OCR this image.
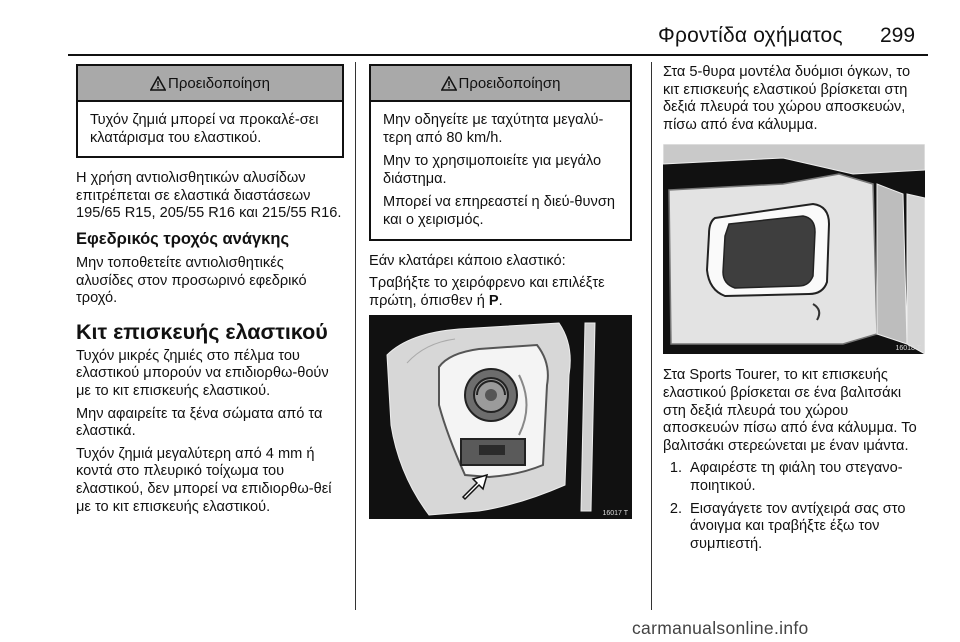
Φροντίδα οχήματος 299
Προειδοποίηση

Τυχόν ζημιά μπορεί να προκαλέ-σει κλατάρισμα του ελαστικού.

Η χρήση αντιολισθητικών αλυσίδων επιτρέπεται σε ελαστικά διαστάσεων 195/65 R15, 205/55 R16 και 215/55 R16.

Εφεδρικός τροχός ανάγκης

Μην τοποθετείτε αντιολισθητικές αλυσίδες στον προσωρινό εφεδρικό τροχό.

Κιτ επισκευής ελαστικού

Τυχόν μικρές ζημιές στο πέλμα του ελαστικού μπορούν να επιδιορθω-θούν με το κιτ επισκευής ελαστικού.

Μην αφαιρείτε τα ξένα σώματα από τα ελαστικά.

Τυχόν ζημιά μεγαλύτερη από 4 mm ή κοντά στο πλευρικό τοίχωμα του ελαστικού, δεν μπορεί να επιδιορθω-θεί με το κιτ επισκευής ελαστικού.

Προειδοποίηση

Μην οδηγείτε με ταχύτητα μεγαλύ-τερη από 80 km/h.

Μην το χρησιμοποιείτε για μεγάλο διάστημα.

Μπορεί να επηρεαστεί η διεύ-θυνση και ο χειρισμός.

Εάν κλατάρει κάποιο ελαστικό:

Τραβήξτε το χειρόφρενο και επιλέξτε πρώτη, όπισθεν ή P.

16017 T

Στα 5-θυρα μοντέλα δυόμισι όγκων, το κιτ επισκευής ελαστικού βρίσκεται στη δεξιά πλευρά του χώρου αποσκευών, πίσω από ένα κάλυμμα.

16018 T

Στα Sports Tourer, το κιτ επισκευής ελαστικού βρίσκεται σε ένα βαλιτσάκι στη δεξιά πλευρά του χώρου αποσκευών πίσω από ένα κάλυμμα. Το βαλιτσάκι στερεώνεται με έναν ιμάντα.

1. Αφαιρέστε τη φιάλη του στεγανο-ποιητικού.
2. Εισαγάγετε τον αντίχειρά σας στο άνοιγμα και τραβήξτε έξω τον συμπιεστή.
carmanualsonline.info
